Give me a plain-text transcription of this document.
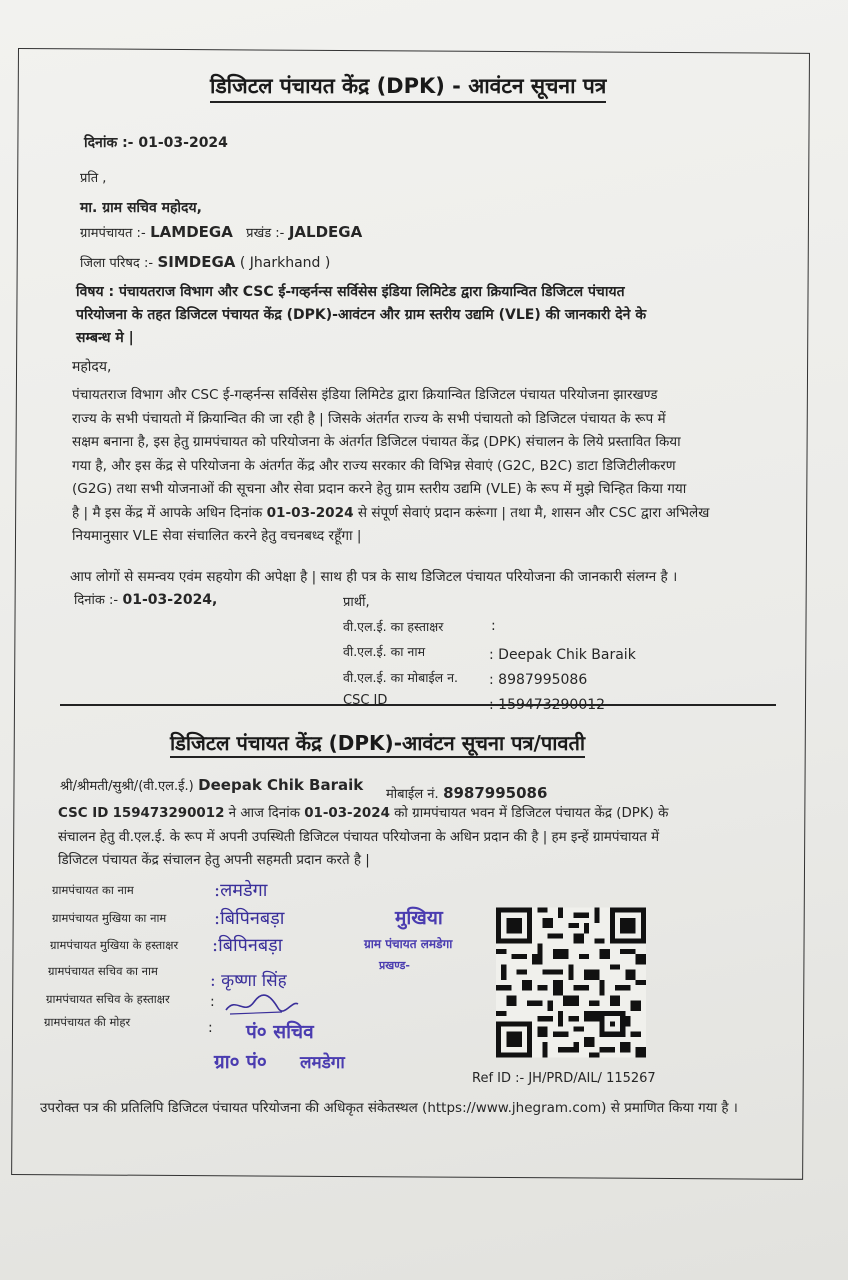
डिजिटल पंचायत केंद्र (DPK) - आवंटन सूचना पत्र
दिनांक :- 01-03-2024
प्रति ,
मा. ग्राम सचिव महोदय,
ग्रामपंचायत :- LAMDEGA प्रखंड :- JALDEGA
जिला परिषद :- SIMDEGA ( Jharkhand )
विषय : पंचायतराज विभाग और CSC ई-गव्हर्नन्स सर्विसेस इंडिया लिमिटेड द्वारा क्रियान्वित डिजिटल पंचायत
परियोजना के तहत डिजिटल पंचायत केंद्र (DPK)-आवंटन और ग्राम स्तरीय उद्यमि (VLE) की जानकारी देने के
सम्बन्ध मे |
महोदय,
पंचायतराज विभाग और CSC ई-गव्हर्नन्स सर्विसेस इंडिया लिमिटेड द्वारा क्रियान्वित डिजिटल पंचायत परियोजना झारखण्ड
राज्य के सभी पंचायतो में क्रियान्वित की जा रही है | जिसके अंतर्गत राज्य के सभी पंचायतो को डिजिटल पंचायत के रूप में
सक्षम बनाना है, इस हेतु ग्रामपंचायत को परियोजना के अंतर्गत डिजिटल पंचायत केंद्र (DPK) संचालन के लिये प्रस्तावित किया
गया है, और इस केंद्र से परियोजना के अंतर्गत केंद्र और राज्य सरकार की विभिन्न सेवाएं (G2C, B2C) डाटा डिजिटीलीकरण
(G2G) तथा सभी योजनाओं की सूचना और सेवा प्रदान करने हेतु ग्राम स्तरीय उद्यमि (VLE) के रूप में मुझे चिन्हित किया गया
है | मै इस केंद्र में आपके अधिन दिनांक 01-03-2024 से संपूर्ण सेवाएं प्रदान करूंगा | तथा मै, शासन और CSC द्वारा अभिलेख
नियमानुसार VLE सेवा संचालित करने हेतु वचनबध्द रहूँगा |
आप लोगों से समन्वय एवंम सहयोग की अपेक्षा है | साथ ही पत्र के साथ डिजिटल पंचायत परियोजना की जानकारी संलग्न है ।
दिनांक :- 01-03-2024,	प्रार्थी,
वी.एल.ई. का हस्ताक्षर	:
वी.एल.ई. का नाम	: Deepak Chik Baraik
वी.एल.ई. का मोबाईल न. : 8987995086
CSC ID	: 159473290012
डिजिटल पंचायत केंद्र (DPK)-आवंटन सूचना पत्र/पावती
श्री/श्रीमती/सुश्री/(वी.एल.ई.) Deepak Chik Baraik
मोबाईल नं. 8987995086
CSC ID 159473290012 ने आज दिनांक 01-03-2024 को ग्रामपंचायत भवन में डिजिटल पंचायत केंद्र (DPK) के
संचालन हेतु वी.एल.ई. के रूप में अपनी उपस्थिती डिजिटल पंचायत परियोजना के अधिन प्रदान की है | हम इन्हें ग्रामपंचायत में
डिजिटल पंचायत केंद्र संचालन हेतु अपनी सहमती प्रदान करते है |
ग्रामपंचायत का नाम	:लमडेगा
ग्रामपंचायत मुखिया का नाम	:बिपिनबड़ा
ग्रामपंचायत मुखिया के हस्ताक्षर :बिपिनबड़ा
ग्रामपंचायत सचिव का नाम	: कृष्णा सिंह
ग्रामपंचायत सचिव के हस्ताक्षर	:
ग्रामपंचायत की मोहर	:
मुखिया
ग्राम पंचायत लमडेगा
प्रखण्ड-
पं० सचिव
ग्रा० पं० लमडेगा
Ref ID :- JH/PRD/AIL/ 115267
उपरोक्त पत्र की प्रतिलिपि डिजिटल पंचायत परियोजना की अधिकृत संकेतस्थल (https://www.jhegram.com) से प्रमाणित किया गया है ।
